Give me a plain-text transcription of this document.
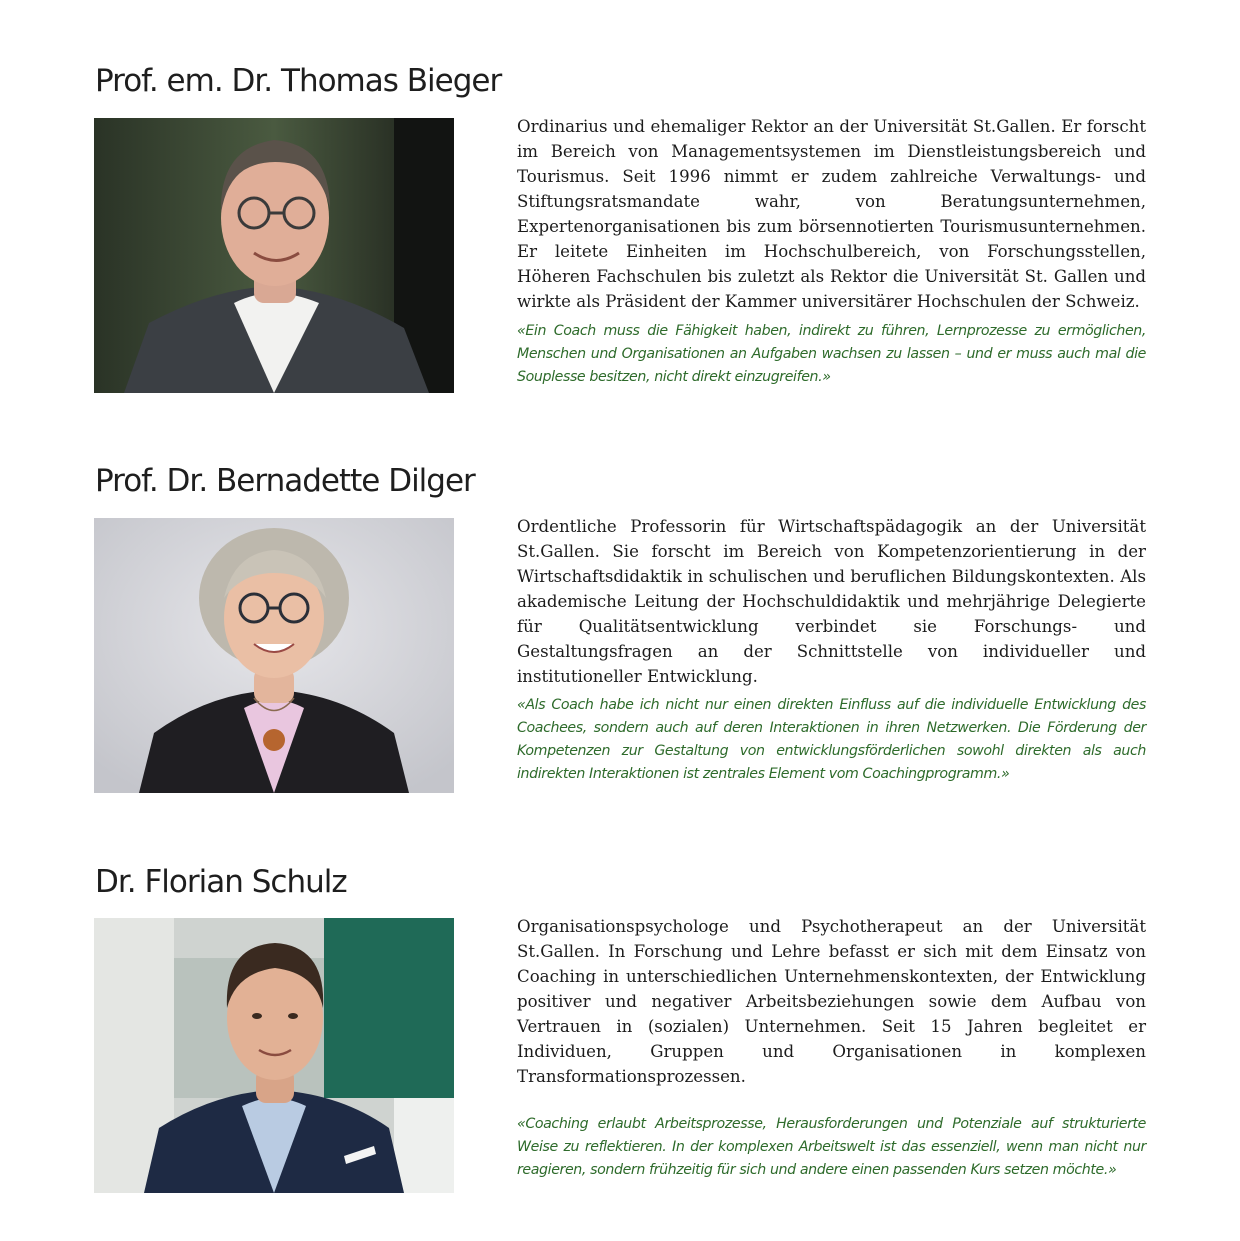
Prof. em. Dr. Thomas Bieger

Ordinarius und ehemaliger Rektor an der Universität St.Gallen. Er forscht im Bereich von Managementsystemen im Dienstleistungsbereich und Tourismus. Seit 1996 nimmt er zudem zahlreiche Verwaltungs- und Stiftungsratsmandate wahr, von Beratungsunternehmen, Expertenorganisationen bis zum börsennotierten Tourismusunternehmen. Er leitete Einheiten im Hochschulbereich, von Forschungsstellen, Höheren Fachschulen bis zuletzt als Rektor die Universität St. Gallen und wirkte als Präsident der Kammer universitärer Hochschulen der Schweiz.

«Ein Coach muss die Fähigkeit haben, indirekt zu führen, Lernprozesse zu ermöglichen, Menschen und Organisationen an Aufgaben wachsen zu lassen – und er muss auch mal die Souplesse besitzen, nicht direkt einzugreifen.»

Prof. Dr. Bernadette Dilger

Ordentliche Professorin für Wirtschaftspädagogik an der Universität St.Gallen. Sie forscht im Bereich von Kompetenzorientierung in der Wirtschaftsdidaktik in schulischen und beruflichen Bildungskontexten. Als akademische Leitung der Hochschuldidaktik und mehrjährige Delegierte für Qualitätsentwicklung verbindet sie Forschungs- und Gestaltungsfragen an der Schnittstelle von individueller und institutioneller Entwicklung.

«Als Coach habe ich nicht nur einen direkten Einfluss auf die individuelle Entwicklung des Coachees, sondern auch auf deren Interaktionen in ihren Netzwerken. Die Förderung der Kompetenzen zur Gestaltung von entwicklungsförderlichen sowohl direkten als auch indirekten Interaktionen ist zentrales Element vom Coachingprogramm.»

Dr. Florian Schulz

Organisationspsychologe und Psychotherapeut an der Universität St.Gallen. In Forschung und Lehre befasst er sich mit dem Einsatz von Coaching in unterschiedlichen Unternehmenskontexten, der Entwicklung positiver und negativer Arbeitsbeziehungen sowie dem Aufbau von Vertrauen in (sozialen) Unternehmen. Seit 15 Jahren begleitet er Individuen, Gruppen und Organisationen in komplexen Transformationsprozessen.

«Coaching erlaubt Arbeitsprozesse, Herausforderungen und Potenziale auf strukturierte Weise zu reflektieren. In der komplexen Arbeitswelt ist das essenziell, wenn man nicht nur reagieren, sondern frühzeitig für sich und andere einen passenden Kurs setzen möchte.»
